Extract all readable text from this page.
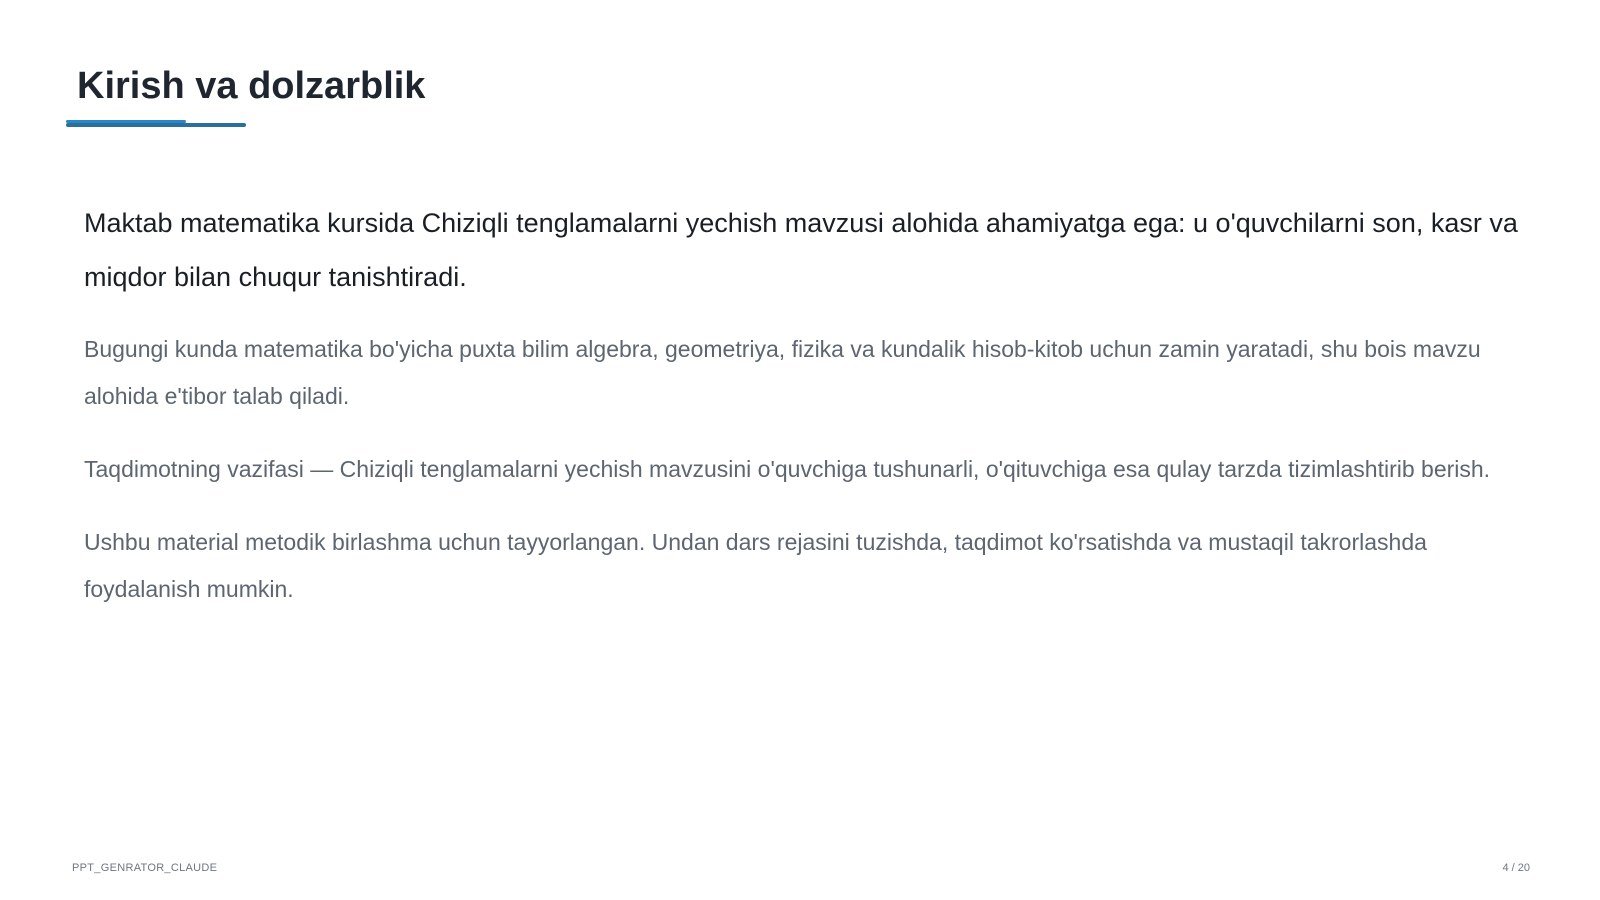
Kirish va dolzarblik

Maktab matematika kursida Chiziqli tenglamalarni yechish mavzusi alohida ahamiyatga ega: u o'quvchilarni son, kasr va miqdor bilan chuqur tanishtiradi.

Bugungi kunda matematika bo'yicha puxta bilim algebra, geometriya, fizika va kundalik hisob-kitob uchun zamin yaratadi, shu bois mavzu alohida e'tibor talab qiladi.

Taqdimotning vazifasi — Chiziqli tenglamalarni yechish mavzusini o'quvchiga tushunarli, o'qituvchiga esa qulay tarzda tizimlashtirib berish.

Ushbu material metodik birlashma uchun tayyorlangan. Undan dars rejasini tuzishda, taqdimot ko'rsatishda va mustaqil takrorlashda foydalanish mumkin.

PPT_GENRATOR_CLAUDE	4 / 20
